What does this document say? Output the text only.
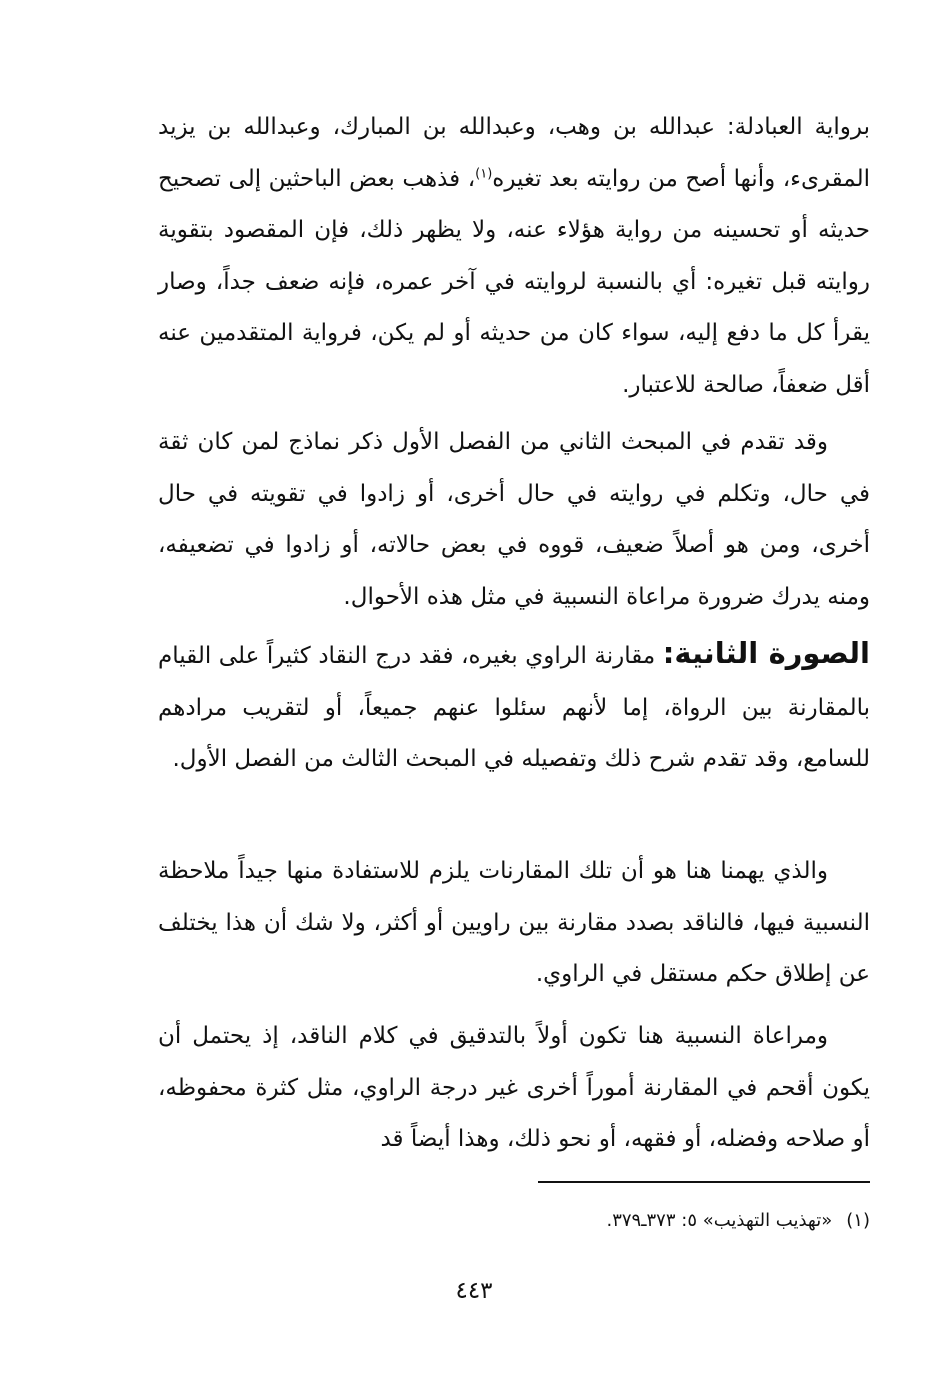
برواية العبادلة: عبدالله بن وهب، وعبدالله بن المبارك، وعبدالله بن يزيد المقرىء، وأنها أصح من روايته بعد تغيره$^{(١)}$، فذهب بعض الباحثين إلى تصحيح حديثه أو تحسينه من رواية هؤلاء عنه، ولا يظهر ذلك، فإن المقصود بتقوية روايته قبل تغيره: أي بالنسبة لروايته في آخر عمره، فإنه ضعف جداً، وصار يقرأ كل ما دفع إليه، سواء كان من حديثه أو لم يكن، فرواية المتقدمين عنه أقل ضعفاً، صالحة للاعتبار.

وقد تقدم في المبحث الثاني من الفصل الأول ذكر نماذج لمن كان ثقة في حال، وتكلم في روايته في حال أخرى، أو زادوا في تقويته في حال أخرى، ومن هو أصلاً ضعيف، قووه في بعض حالاته، أو زادوا في تضعيفه، ومنه يدرك ضرورة مراعاة النسبية في مثل هذه الأحوال.

الصورة الثانية: مقارنة الراوي بغيره، فقد درج النقاد كثيراً على القيام بالمقارنة بين الرواة، إما لأنهم سئلوا عنهم جميعاً، أو لتقريب مرادهم للسامع، وقد تقدم شرح ذلك وتفصيله في المبحث الثالث من الفصل الأول.

والذي يهمنا هنا هو أن تلك المقارنات يلزم للاستفادة منها جيداً ملاحظة النسبية فيها، فالناقد بصدد مقارنة بين راويين أو أكثر، ولا شك أن هذا يختلف عن إطلاق حكم مستقل في الراوي.

ومراعاة النسبية هنا تكون أولاً بالتدقيق في كلام الناقد، إذ يحتمل أن يكون أقحم في المقارنة أموراً أخرى غير درجة الراوي، مثل كثرة محفوظه، أو صلاحه وفضله، أو فقهه، أو نحو ذلك، وهذا أيضاً قد

(١)«تهذيب التهذيب» ٥: ٣٧٣ـ٣٧٩.
٤٤٣
